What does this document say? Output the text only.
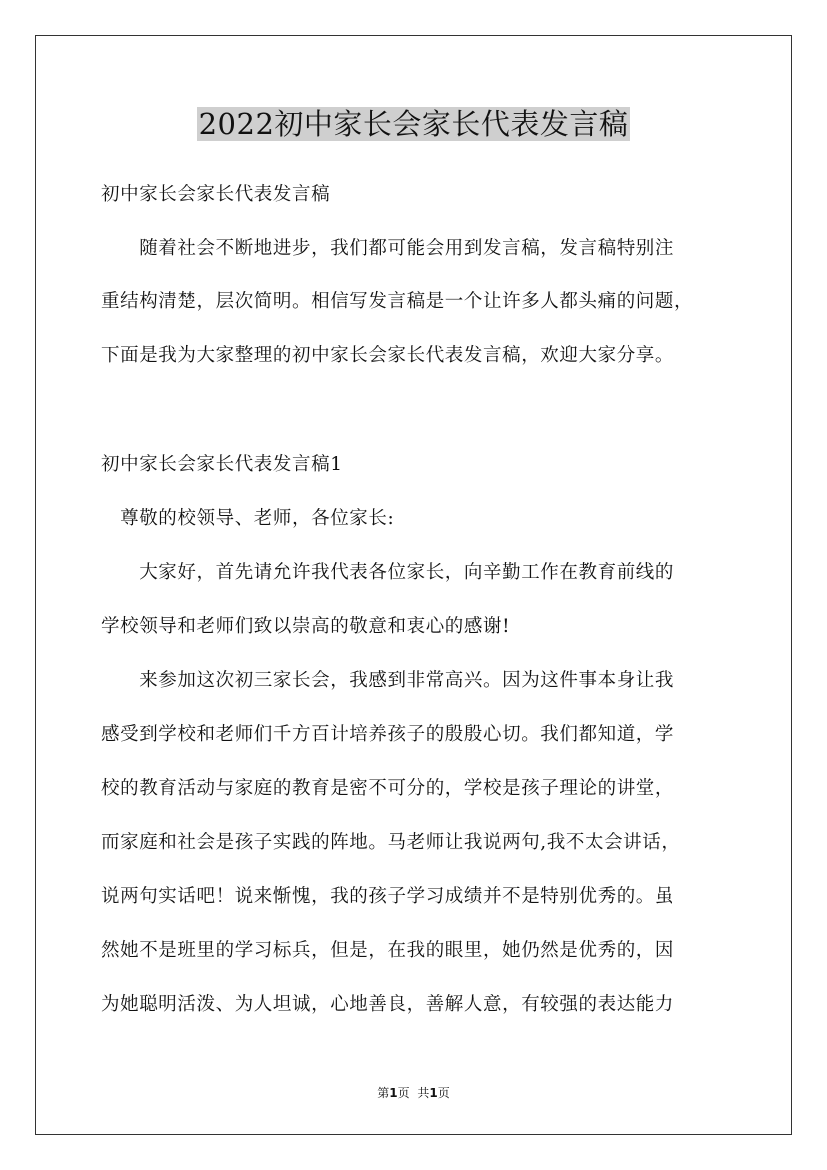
2022初中家长会家长代表发言稿

初中家长会家长代表发言稿

　　随着社会不断地进步，我们都可能会用到发言稿，发言稿特别注

重结构清楚，层次简明。相信写发言稿是一个让许多人都头痛的问题，

下面是我为大家整理的初中家长会家长代表发言稿，欢迎大家分享。

初中家长会家长代表发言稿1

　尊敬的校领导、老师，各位家长:

　　大家好，首先请允许我代表各位家长，向辛勤工作在教育前线的

学校领导和老师们致以崇高的敬意和衷心的感谢!

　　来参加这次初三家长会，我感到非常高兴。因为这件事本身让我

感受到学校和老师们千方百计培养孩子的殷殷心切。我们都知道，学

校的教育活动与家庭的教育是密不可分的，学校是孩子理论的讲堂，

而家庭和社会是孩子实践的阵地。马老师让我说两句,我不太会讲话，

说两句实话吧！说来惭愧，我的孩子学习成绩并不是特别优秀的。虽

然她不是班里的学习标兵，但是，在我的眼里，她仍然是优秀的，因

为她聪明活泼、为人坦诚，心地善良，善解人意，有较强的表达能力

第1页 共1页
